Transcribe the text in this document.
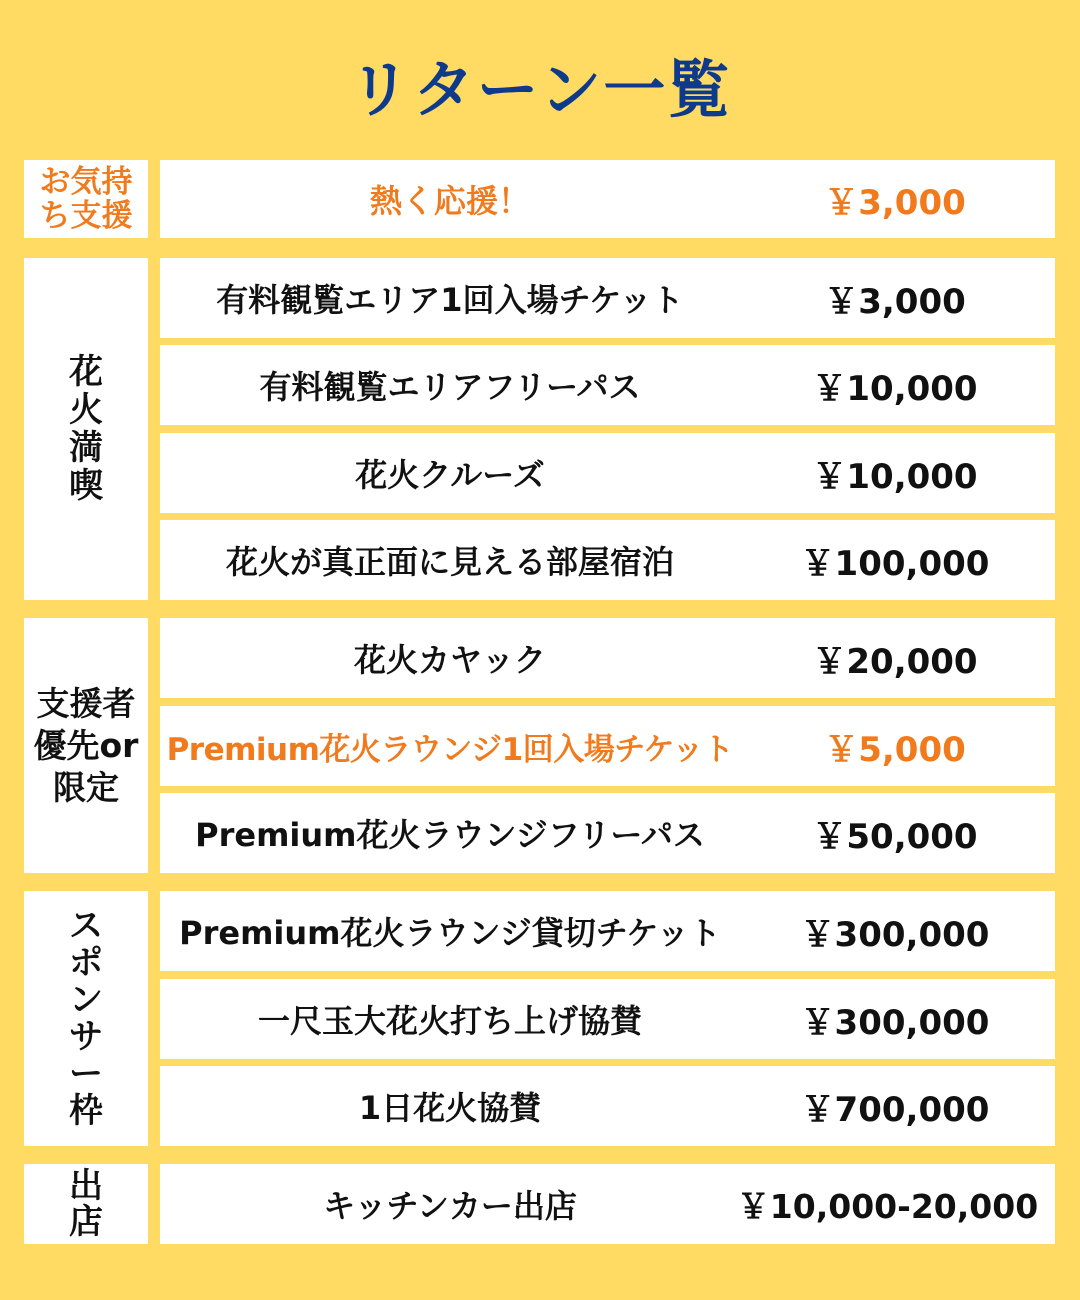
リターン一覧
お気持ち支援	熱く応援！	￥3,000
花火満喫
有料観覧エリア1回入場チケット	￥3,000
有料観覧エリアフリーパス	￥10,000
花火クルーズ	￥10,000
花火が真正面に見える部屋宿泊	￥100,000
支援者優先or限定
花火カヤック	￥20,000
Premium花火ラウンジ1回入場チケット	￥5,000
Premium花火ラウンジフリーパス	￥50,000
スポンサー枠
Premium花火ラウンジ貸切チケット	￥300,000
一尺玉大花火打ち上げ協賛	￥300,000
1日花火協賛	￥700,000
出店	キッチンカー出店	￥10,000-20,000
